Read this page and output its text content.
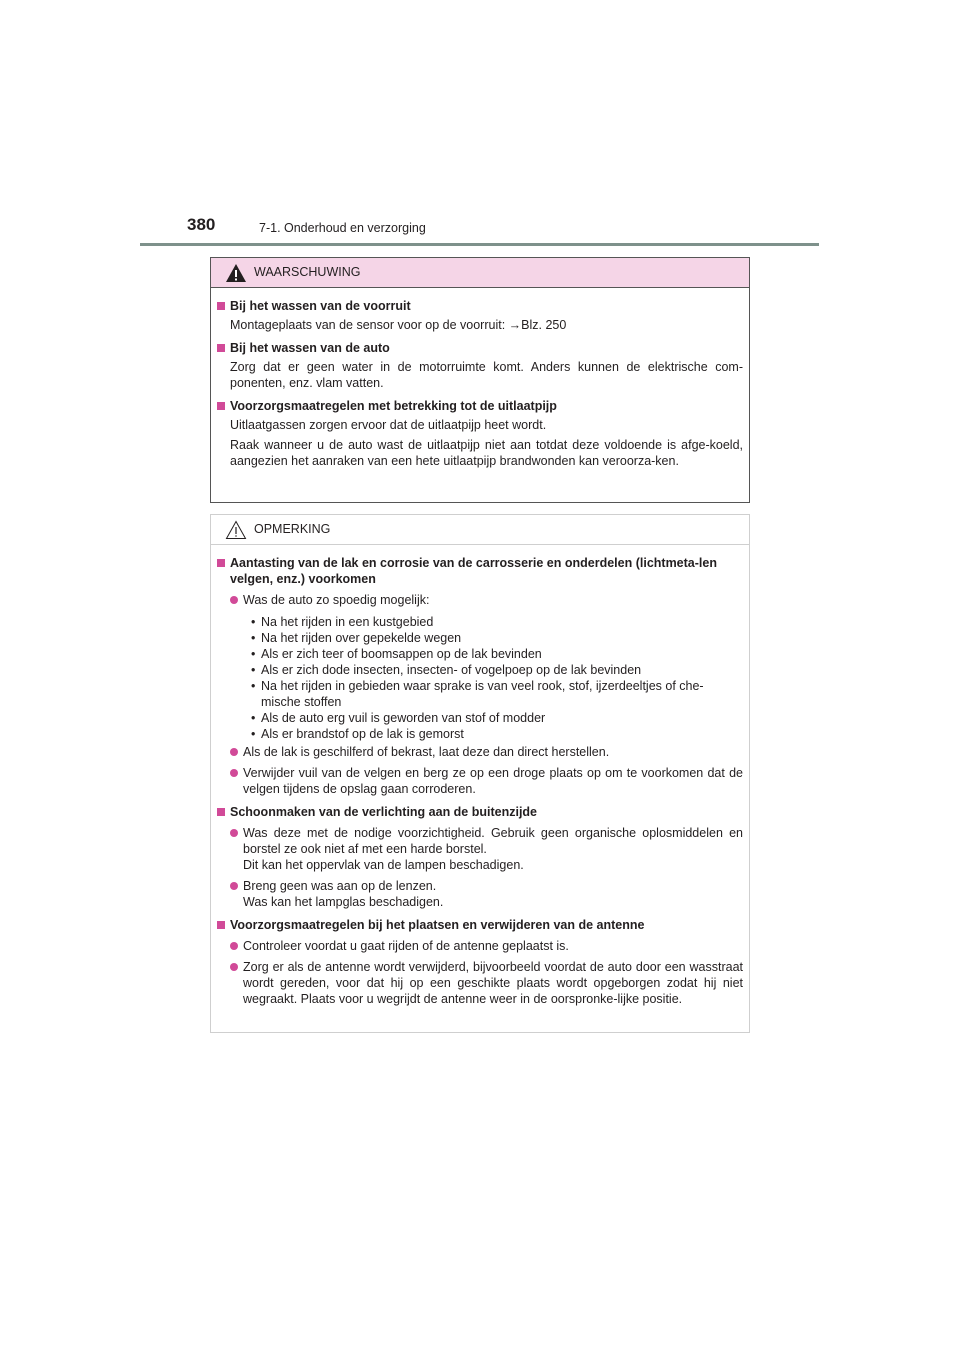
380	7-1. Onderhoud en verzorging
WAARSCHUWING
Bij het wassen van de voorruit
Montageplaats van de sensor voor op de voorruit: →Blz. 250
Bij het wassen van de auto
Zorg dat er geen water in de motorruimte komt. Anders kunnen de elektrische com-ponenten, enz. vlam vatten.
Voorzorgsmaatregelen met betrekking tot de uitlaatpijp
Uitlaatgassen zorgen ervoor dat de uitlaatpijp heet wordt.
Raak wanneer u de auto wast de uitlaatpijp niet aan totdat deze voldoende is afge-koeld, aangezien het aanraken van een hete uitlaatpijp brandwonden kan veroorza-ken.
OPMERKING
Aantasting van de lak en corrosie van de carrosserie en onderdelen (lichtmeta-len velgen, enz.) voorkomen
Was de auto zo spoedig mogelijk:
• Na het rijden in een kustgebied
• Na het rijden over gepekelde wegen
• Als er zich teer of boomsappen op de lak bevinden
• Als er zich dode insecten, insecten- of vogelpoep op de lak bevinden
• Na het rijden in gebieden waar sprake is van veel rook, stof, ijzerdeeltjes of che-mische stoffen
• Als de auto erg vuil is geworden van stof of modder
• Als er brandstof op de lak is gemorst
Als de lak is geschilferd of bekrast, laat deze dan direct herstellen.
Verwijder vuil van de velgen en berg ze op een droge plaats op om te voorkomen dat de velgen tijdens de opslag gaan corroderen.
Schoonmaken van de verlichting aan de buitenzijde
Was deze met de nodige voorzichtigheid. Gebruik geen organische oplosmiddelen en borstel ze ook niet af met een harde borstel.
Dit kan het oppervlak van de lampen beschadigen.
Breng geen was aan op de lenzen.
Was kan het lampglas beschadigen.
Voorzorgsmaatregelen bij het plaatsen en verwijderen van de antenne
Controleer voordat u gaat rijden of de antenne geplaatst is.
Zorg er als de antenne wordt verwijderd, bijvoorbeeld voordat de auto door een wasstraat wordt gereden, voor dat hij op een geschikte plaats wordt opgeborgen zodat hij niet wegraakt. Plaats voor u wegrijdt de antenne weer in de oorspronke-lijke positie.
